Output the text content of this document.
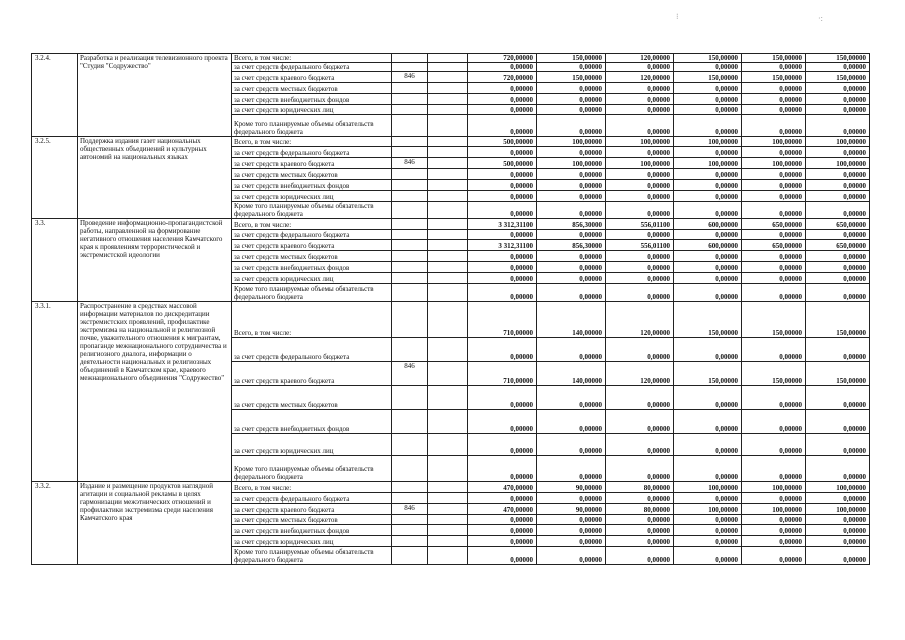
3.2.4.	Разработка и реализация телевизионного проекта "Студия "Содружество"	Всего, в том числе:			720,00000	150,00000	120,00000	150,00000	150,00000	150,00000
		за счет средств федерального бюджета			0,00000	0,00000	0,00000	0,00000	0,00000	0,00000
		за счет средств краевого бюджета	846		720,00000	150,00000	120,00000	150,00000	150,00000	150,00000
		за счет средств местных бюджетов			0,00000	0,00000	0,00000	0,00000	0,00000	0,00000
		за счет средств внебюджетных фондов			0,00000	0,00000	0,00000	0,00000	0,00000	0,00000
		за счет средств юридических лиц			0,00000	0,00000	0,00000	0,00000	0,00000	0,00000
		Кроме того планируемые объемы обязательств федерального бюджета			0,00000	0,00000	0,00000	0,00000	0,00000	0,00000
3.2.5.	Поддержка издания газет национальных общественных объединений и культурных автономий на национальных языках	Всего, в том числе:			500,00000	100,00000	100,00000	100,00000	100,00000	100,00000
		за счет средств федерального бюджета			0,00000	0,00000	0,00000	0,00000	0,00000	0,00000
		за счет средств краевого бюджета	846		500,00000	100,00000	100,00000	100,00000	100,00000	100,00000
		за счет средств местных бюджетов			0,00000	0,00000	0,00000	0,00000	0,00000	0,00000
		за счет средств внебюджетных фондов			0,00000	0,00000	0,00000	0,00000	0,00000	0,00000
		за счет средств юридических лиц			0,00000	0,00000	0,00000	0,00000	0,00000	0,00000
		Кроме того планируемые объемы обязательств федерального бюджета			0,00000	0,00000	0,00000	0,00000	0,00000	0,00000
3.3.	Проведение информационно-пропагандистской работы, направленной на формирование негативного отношения населения Камчатского края к проявлениям террористической и экстремистской идеологии	Всего, в том числе:			3 312,31100	856,30000	556,01100	600,00000	650,00000	650,00000
		за счет средств федерального бюджета			0,00000	0,00000	0,00000	0,00000	0,00000	0,00000
		за счет средств краевого бюджета			3 312,31100	856,30000	556,01100	600,00000	650,00000	650,00000
		за счет средств местных бюджетов			0,00000	0,00000	0,00000	0,00000	0,00000	0,00000
		за счет средств внебюджетных фондов			0,00000	0,00000	0,00000	0,00000	0,00000	0,00000
		за счет средств юридических лиц			0,00000	0,00000	0,00000	0,00000	0,00000	0,00000
		Кроме того планируемые объемы обязательств федерального бюджета			0,00000	0,00000	0,00000	0,00000	0,00000	0,00000
3.3.1.	Распространение в средствах массовой информации материалов по дискредитации экстремистских проявлений, профилактике экстремизма на национальной и религиозной почве, уважительного отношения к мигрантам, пропаганде межнационального сотрудничества и религиозного диалога, информации о деятельности национальных и религиозных объединений в Камчатском крае, краевого межнационального объединения "Содружество"	Всего, в том числе:			710,00000	140,00000	120,00000	150,00000	150,00000	150,00000
		за счет средств федерального бюджета			0,00000	0,00000	0,00000	0,00000	0,00000	0,00000
		за счет средств краевого бюджета	846		710,00000	140,00000	120,00000	150,00000	150,00000	150,00000
		за счет средств местных бюджетов			0,00000	0,00000	0,00000	0,00000	0,00000	0,00000
		за счет средств внебюджетных фондов			0,00000	0,00000	0,00000	0,00000	0,00000	0,00000
		за счет средств юридических лиц			0,00000	0,00000	0,00000	0,00000	0,00000	0,00000
		Кроме того планируемые объемы обязательств федерального бюджета			0,00000	0,00000	0,00000	0,00000	0,00000	0,00000
3.3.2.	Издание и размещение продуктов наглядной агитации и социальной рекламы в целях гармонизации межэтнических отношений и профилактики экстремизма среди населения Камчатского края	Всего, в том числе:			470,00000	90,00000	80,00000	100,00000	100,00000	100,00000
		за счет средств федерального бюджета			0,00000	0,00000	0,00000	0,00000	0,00000	0,00000
		за счет средств краевого бюджета	846		470,00000	90,00000	80,00000	100,00000	100,00000	100,00000
		за счет средств местных бюджетов			0,00000	0,00000	0,00000	0,00000	0,00000	0,00000
		за счет средств внебюджетных фондов			0,00000	0,00000	0,00000	0,00000	0,00000	0,00000
		за счет средств юридических лиц			0,00000	0,00000	0,00000	0,00000	0,00000	0,00000
		Кроме того планируемые объемы обязательств федерального бюджета			0,00000	0,00000	0,00000	0,00000	0,00000	0,00000
⁝	·:
